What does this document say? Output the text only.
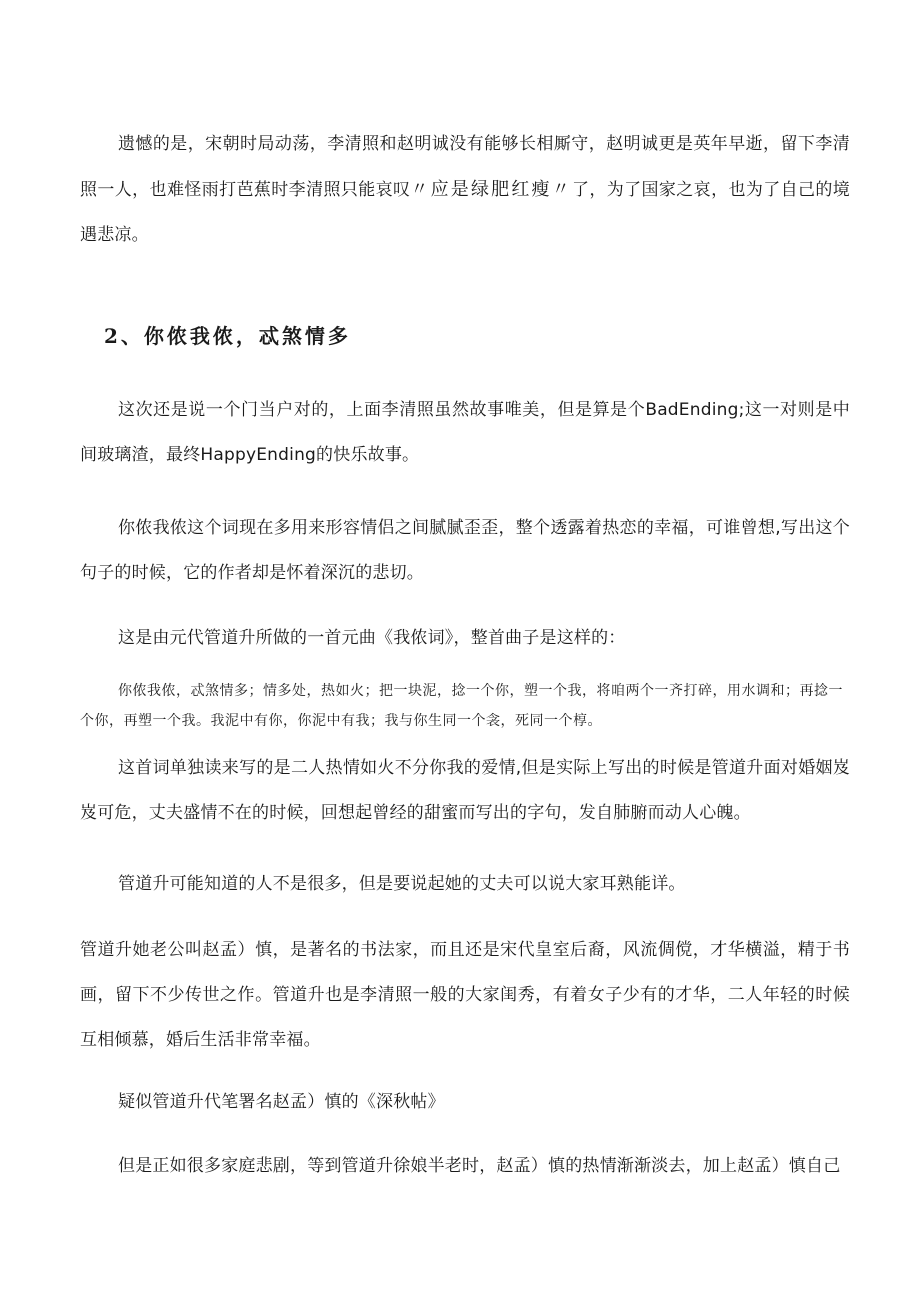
遗憾的是，宋朝时局动荡，李清照和赵明诚没有能够长相厮守，赵明诚更是英年早逝，留下李清照一人，也难怪雨打芭蕉时李清照只能哀叹〃应是绿肥红瘦〃了，为了国家之哀，也为了自己的境遇悲凉。

2、你侬我侬，忒煞情多

这次还是说一个门当户对的，上面李清照虽然故事唯美，但是算是个BadEnding;这一对则是中间玻璃渣，最终HappyEnding的快乐故事。

你侬我侬这个词现在多用来形容情侣之间腻腻歪歪，整个透露着热恋的幸福，可谁曾想,写出这个句子的时候，它的作者却是怀着深沉的悲切。

这是由元代管道升所做的一首元曲《我侬词》，整首曲子是这样的：

你侬我侬，忒煞情多；情多处，热如火；把一块泥，捻一个你，塑一个我，将咱两个一齐打碎，用水调和；再捻一个你，再塑一个我。我泥中有你，你泥中有我；我与你生同一个衾，死同一个椁。

这首词单独读来写的是二人热情如火不分你我的爱情,但是实际上写出的时候是管道升面对婚姻岌岌可危，丈夫盛情不在的时候，回想起曾经的甜蜜而写出的字句，发自肺腑而动人心魄。

管道升可能知道的人不是很多，但是要说起她的丈夫可以说大家耳熟能详。

管道升她老公叫赵孟）慎，是著名的书法家，而且还是宋代皇室后裔，风流倜傥，才华横溢，精于书画，留下不少传世之作。管道升也是李清照一般的大家闺秀，有着女子少有的才华，二人年轻的时候互相倾慕，婚后生活非常幸福。

疑似管道升代笔署名赵孟）慎的《深秋帖》

但是正如很多家庭悲剧，等到管道升徐娘半老时，赵孟）慎的热情渐渐淡去，加上赵孟）慎自己
